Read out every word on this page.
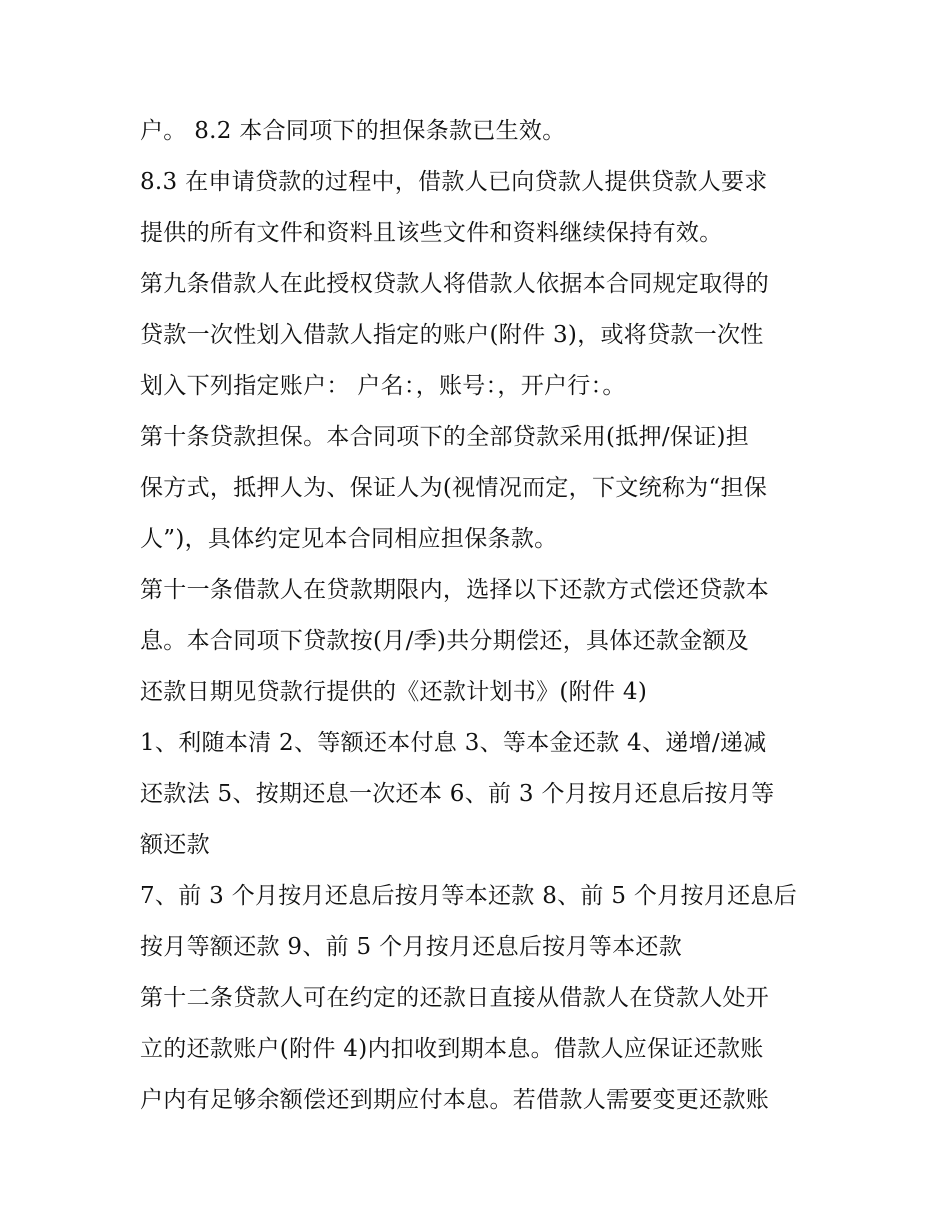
户。 8.2 本合同项下的担保条款已生效。
8.3 在申请贷款的过程中，借款人已向贷款人提供贷款人要求
提供的所有文件和资料且该些文件和资料继续保持有效。
第九条借款人在此授权贷款人将借款人依据本合同规定取得的
贷款一次性划入借款人指定的账户(附件 3)，或将贷款一次性
划入下列指定账户： 户名：，账号：，开户行：。
第十条贷款担保。本合同项下的全部贷款采用(抵押/保证)担
保方式，抵押人为、保证人为(视情况而定，下文统称为“担保
人”)，具体约定见本合同相应担保条款。
第十一条借款人在贷款期限内，选择以下还款方式偿还贷款本
息。本合同项下贷款按(月/季)共分期偿还，具体还款金额及
还款日期见贷款行提供的《还款计划书》(附件 4)
1、利随本清 2、等额还本付息 3、等本金还款 4、递增/递减
还款法 5、按期还息一次还本 6、前 3 个月按月还息后按月等
额还款
7、前 3 个月按月还息后按月等本还款 8、前 5 个月按月还息后
按月等额还款 9、前 5 个月按月还息后按月等本还款
第十二条贷款人可在约定的还款日直接从借款人在贷款人处开
立的还款账户(附件 4)内扣收到期本息。借款人应保证还款账
户内有足够余额偿还到期应付本息。若借款人需要变更还款账
